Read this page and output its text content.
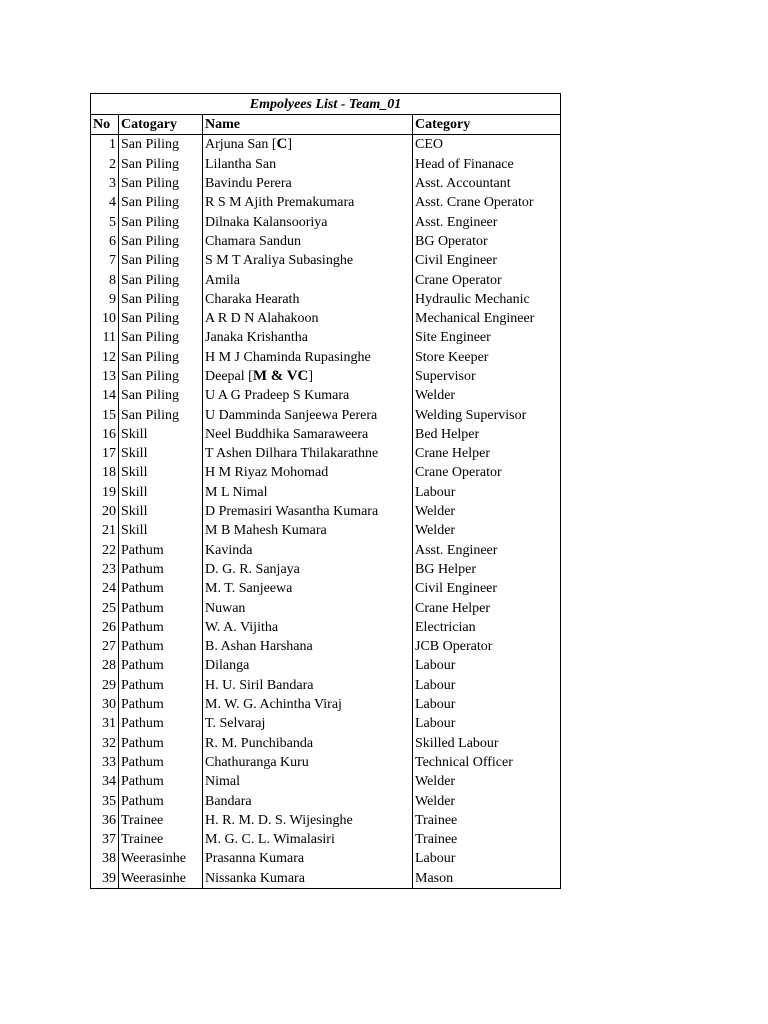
Empolyees List - Team_01			
No	Catogary	Name	Category
1	San Piling	Arjuna San [C]	CEO
2	San Piling	Lilantha San	Head of Finanace
3	San Piling	Bavindu Perera	Asst. Accountant
4	San Piling	R S M Ajith Premakumara	Asst. Crane Operator
5	San Piling	Dilnaka Kalansooriya	Asst. Engineer
6	San Piling	Chamara Sandun	BG Operator
7	San Piling	S M T Araliya Subasinghe	Civil Engineer
8	San Piling	Amila	Crane Operator
9	San Piling	Charaka Hearath	Hydraulic Mechanic
10	San Piling	A R D N Alahakoon	Mechanical Engineer
11	San Piling	Janaka Krishantha	Site Engineer
12	San Piling	H M J Chaminda Rupasinghe	Store Keeper
13	San Piling	Deepal [M & VC]	Supervisor
14	San Piling	U A G Pradeep S Kumara	Welder
15	San Piling	U Damminda Sanjeewa Perera	Welding Supervisor
16	Skill	Neel Buddhika Samaraweera	Bed Helper
17	Skill	T Ashen Dilhara Thilakarathne	Crane Helper
18	Skill	H M Riyaz Mohomad	Crane Operator
19	Skill	M L Nimal	Labour
20	Skill	D Premasiri Wasantha Kumara	Welder
21	Skill	M B Mahesh Kumara	Welder
22	Pathum	Kavinda	Asst. Engineer
23	Pathum	D. G. R. Sanjaya	BG Helper
24	Pathum	M. T. Sanjeewa	Civil Engineer
25	Pathum	Nuwan	Crane Helper
26	Pathum	W. A. Vijitha	Electrician
27	Pathum	B. Ashan Harshana	JCB Operator
28	Pathum	Dilanga	Labour
29	Pathum	H. U. Siril Bandara	Labour
30	Pathum	M. W. G. Achintha Viraj	Labour
31	Pathum	T. Selvaraj	Labour
32	Pathum	R. M. Punchibanda	Skilled Labour
33	Pathum	Chathuranga Kuru	Technical Officer
34	Pathum	Nimal	Welder
35	Pathum	Bandara	Welder
36	Trainee	H. R. M. D. S. Wijesinghe	Trainee
37	Trainee	M. G. C. L. Wimalasiri	Trainee
38	Weerasinhe	Prasanna Kumara	Labour
39	Weerasinhe	Nissanka Kumara	Mason
